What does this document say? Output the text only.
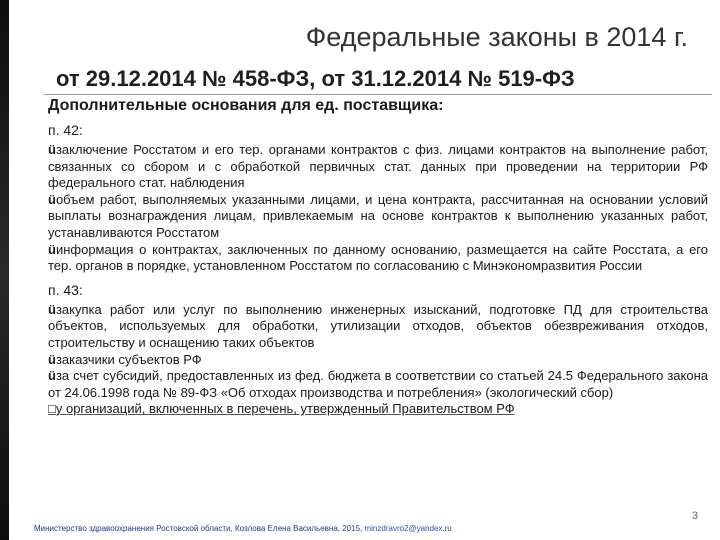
Федеральные законы в 2014 г.
от 29.12.2014 № 458-ФЗ, от 31.12.2014 № 519-ФЗ

Дополнительные основания для ед. поставщика:

п. 42:

üзаключение Росстатом и его тер. органами контрактов с физ. лицами контрактов на выполнение работ, связанных со сбором и с обработкой первичных стат. данных при проведении на территории РФ федерального стат. наблюдения

üобъем работ, выполняемых указанными лицами, и цена контракта, рассчитанная на основании условий выплаты вознаграждения лицам, привлекаемым на основе контрактов к выполнению указанных работ, устанавливаются Росстатом

üинформация о контрактах, заключенных по данному основанию, размещается на сайте Росстата, а его тер. органов в порядке, установленном Росстатом по согласованию с Минэкономразвития России

п. 43:

üзакупка работ или услуг по выполнению инженерных изысканий, подготовке ПД для строительства объектов, используемых для обработки, утилизации отходов, объектов обезвреживания отходов, строительству и оснащению таких объектов

üзаказчики субъектов РФ

üза счет субсидий, предоставленных из фед. бюджета в соответствии со статьей 24.5 Федерального закона от 24.06.1998 года № 89-ФЗ «Об отходах производства и потребления» (экологический сбор)

□у организаций, включенных в перечень, утвержденный Правительством РФ

Министерство здравоохранения Ростовской области, Козлова Елена Васильевна, 2015, minzdravro2@yandex.ru
3
